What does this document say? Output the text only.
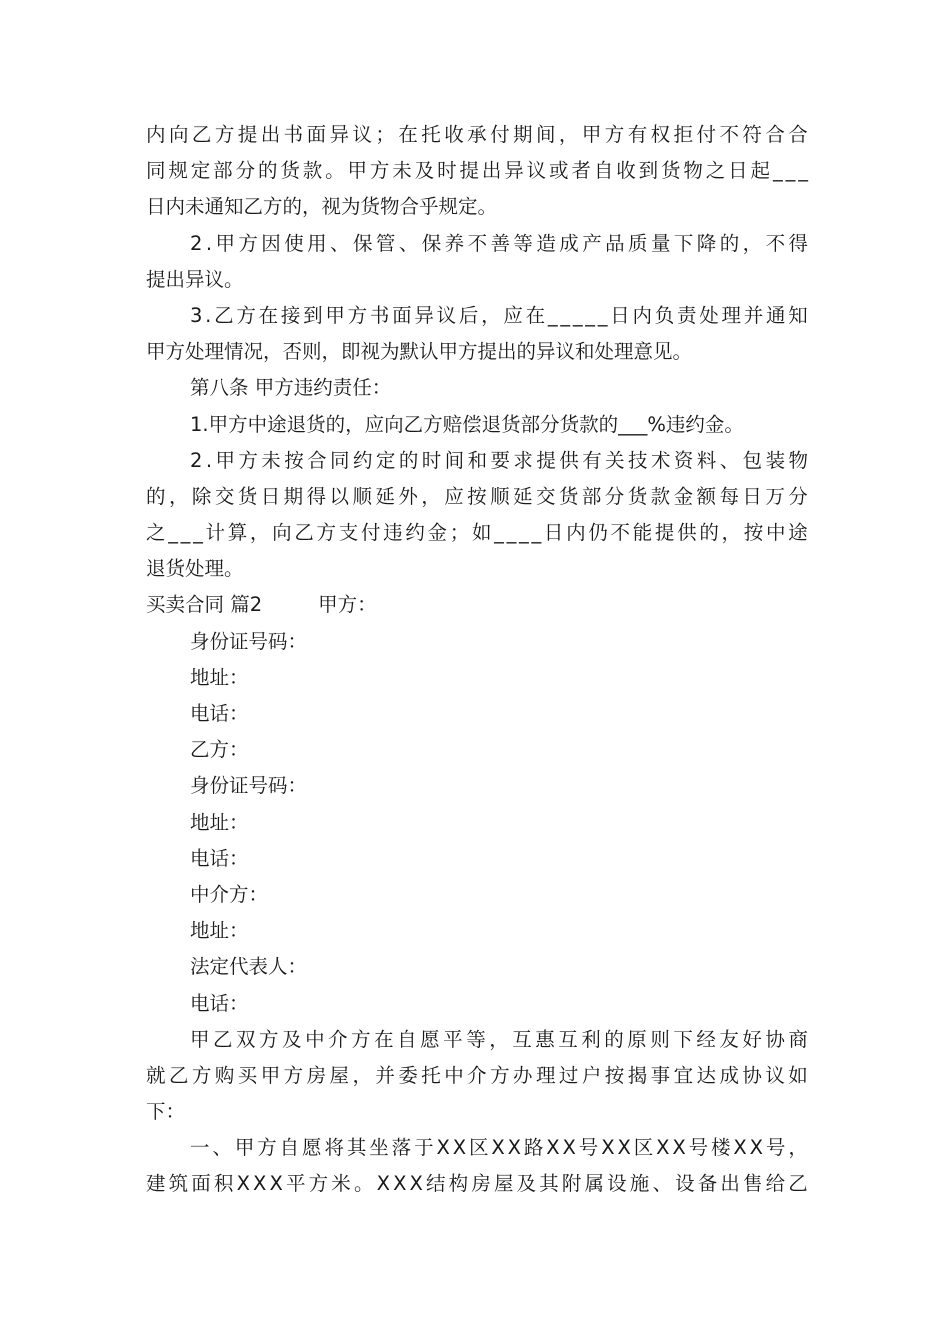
内 向 乙 方 提 出 书 面 异 议 ； 在 托 收 承 付 期 间 ， 甲 方 有 权 拒 付 不 符 合 合
同 规 定 部 分 的 货 款 。 甲 方 未 及 时 提 出 异 议 或 者 自 收 到 货 物 之 日 起 _ _ _
日内未通知乙方的，视为货物合乎规定。
2 . 甲 方 因 使 用 、 保 管 、 保 养 不 善 等 造 成 产 品 质 量 下 降 的 ， 不 得
提出异议。
3 . 乙 方 在 接 到 甲 方 书 面 异 议 后 ， 应 在 _ _ _ _ _ 日 内 负 责 处 理 并 通 知
甲方处理情况，否则，即视为默认甲方提出的异议和处理意见。
第八条 甲方违约责任：
1.甲方中途退货的，应向乙方赔偿退货部分货款的___%违约金。
2 . 甲 方 未 按 合 同 约 定 的 时 间 和 要 求 提 供 有 关 技 术 资 料 、 包 装 物
的 ， 除 交 货 日 期 得 以 顺 延 外 ， 应 按 顺 延 交 货 部 分 货 款 金 额 每 日 万 分
之 _ _ _ 计 算 ， 向 乙 方 支 付 违 约 金 ； 如 _ _ _ _ 日 内 仍 不 能 提 供 的 ， 按 中 途
退货处理。
买卖合同 篇2	甲方：
身份证号码：
地址：
电话：
乙方：
身份证号码：
地址：
电话：
中介方：
地址：
法定代表人：
电话：
甲 乙 双 方 及 中 介 方 在 自 愿 平 等 ， 互 惠 互 利 的 原 则 下 经 友 好 协 商
就 乙 方 购 买 甲 方 房 屋 ， 并 委 托 中 介 方 办 理 过 户 按 揭 事 宜 达 成 协 议 如
下：
一 、 甲 方 自 愿 将 其 坐 落 于 X X 区 X X 路 X X 号 X X 区 X X 号 楼 X X 号 ，
建 筑 面 积 X X X 平 方 米 。 X X X 结 构 房 屋 及 其 附 属 设 施 、 设 备 出 售 给 乙
